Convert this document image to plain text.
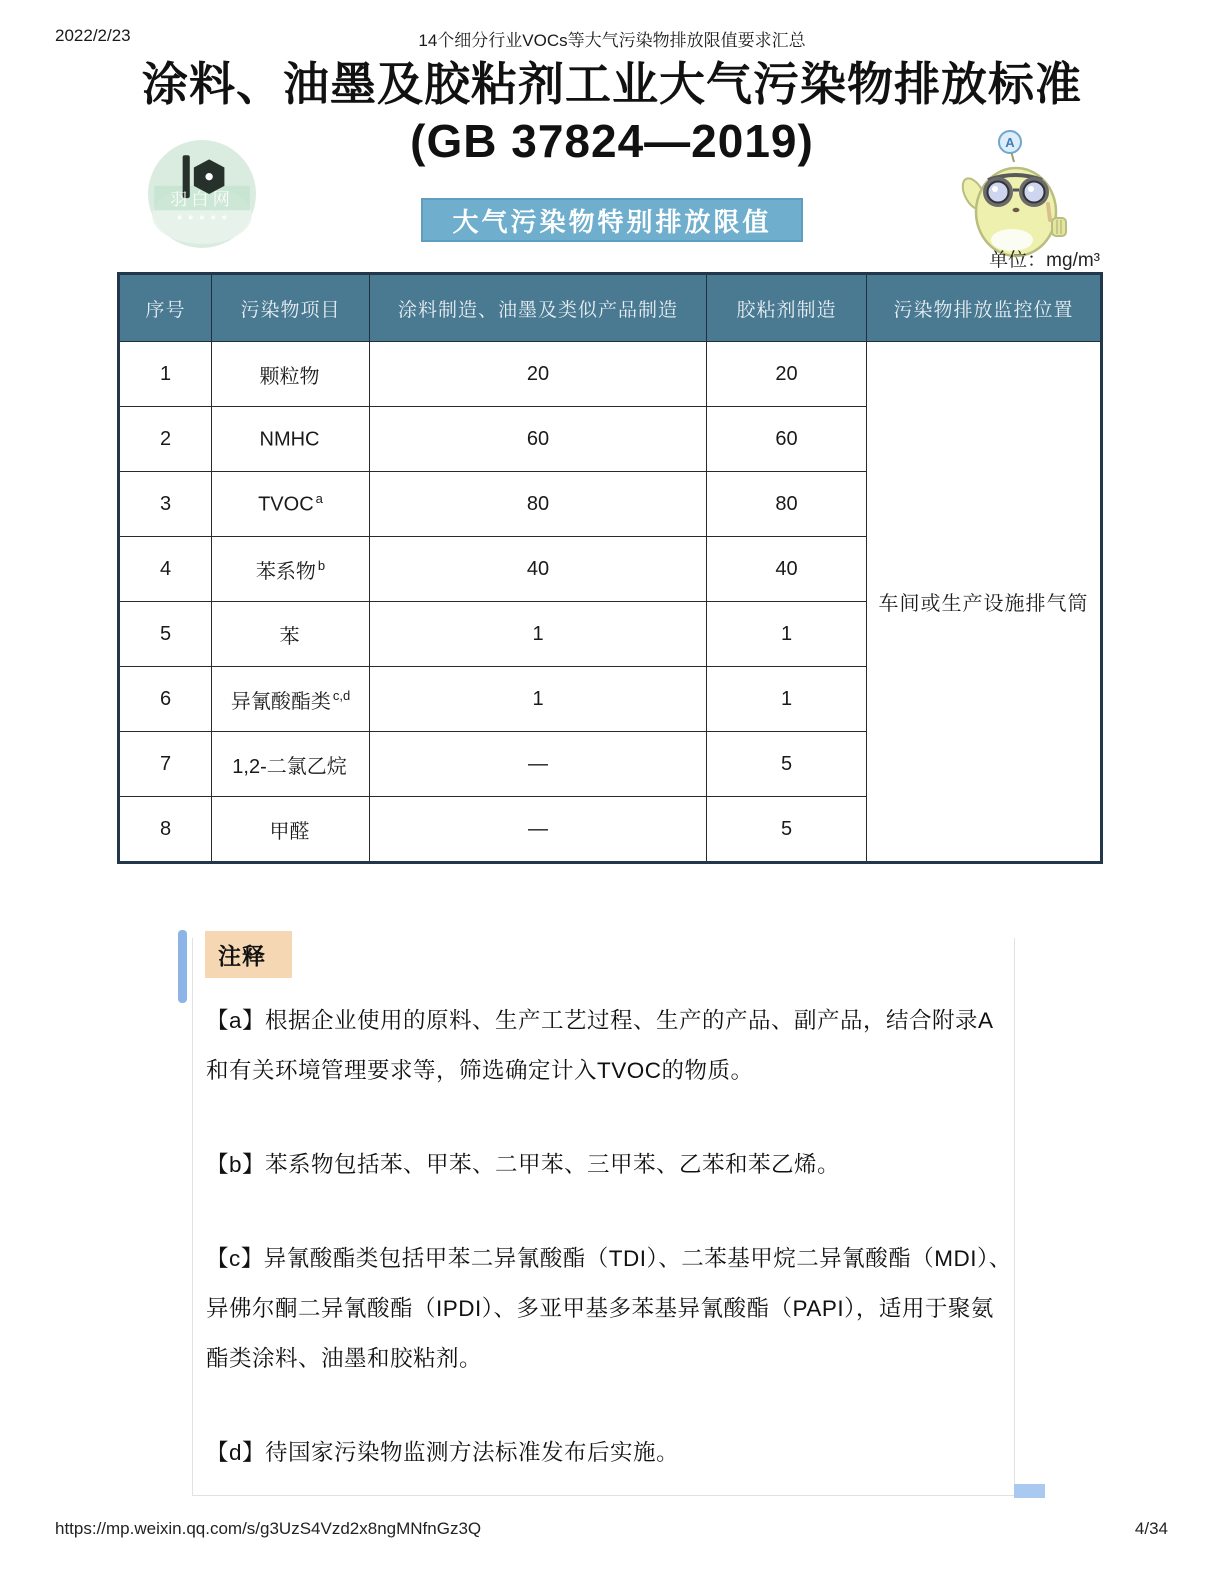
2022/2/23	14个细分行业VOCs等大气污染物排放限值要求汇总
涂料、油墨及胶粘剂工业大气污染物排放标准
(GB 37824—2019)
羽白网
A
大气污染物特别排放限值
单位：mg/m³
序号	污染物项目	涂料制造、油墨及类似产品制造	胶粘剂制造	污染物排放监控位置
1	颗粒物	20	20	车间或生产设施排气筒
2	NMHC	60	60	
3	TVOC $^a$	80	80	
4	苯系物 $^b$	40	40	
5	苯	1	1	
6	异氰酸酯类 $^{c,d}$	1	1	
7	1,2-二氯乙烷	—	5	
8	甲醛	—	5	
注释

【a】根据企业使用的原料、生产工艺过程、生产的产品、副产品，结合附录A和有关环境管理要求等，筛选确定计入TVOC的物质。

【b】苯系物包括苯、甲苯、二甲苯、三甲苯、乙苯和苯乙烯。

【c】异氰酸酯类包括甲苯二异氰酸酯（TDI）、二苯基甲烷二异氰酸酯（MDI）、异佛尔酮二异氰酸酯（IPDI）、多亚甲基多苯基异氰酸酯（PAPI），适用于聚氨酯类涂料、油墨和胶粘剂。

【d】待国家污染物监测方法标准发布后实施。

https://mp.weixin.qq.com/s/g3UzS4Vzd2x8ngMNfnGz3Q	4/34
